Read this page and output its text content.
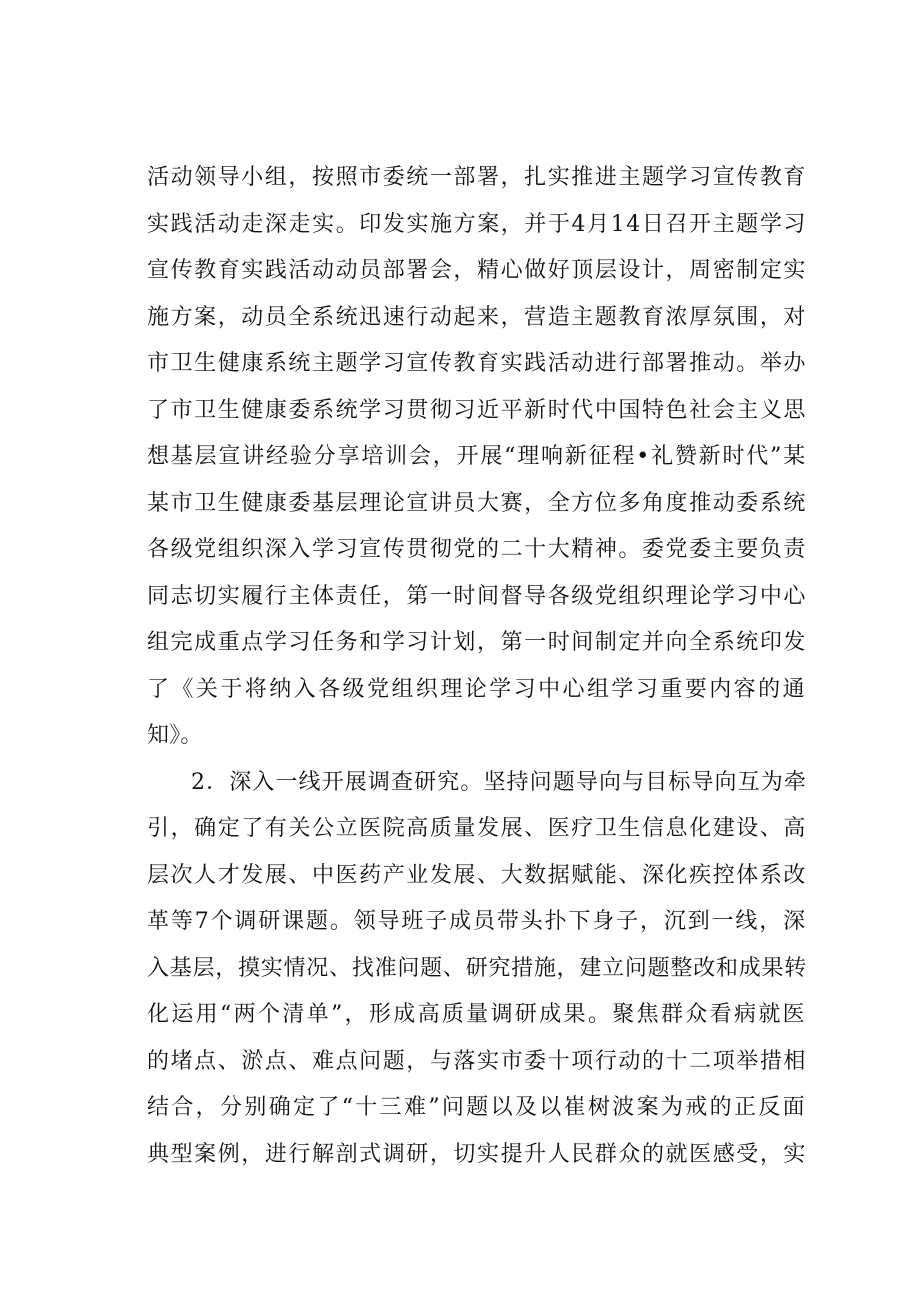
活动领导小组，按照市委统一部署，扎实推进主题学习宣传教育
实践活动走深走实。印发实施方案，并于4月14日召开主题学习
宣传教育实践活动动员部署会，精心做好顶层设计，周密制定实
施方案，动员全系统迅速行动起来，营造主题教育浓厚氛围，对
市卫生健康系统主题学习宣传教育实践活动进行部署推动。举办
了市卫生健康委系统学习贯彻习近平新时代中国特色社会主义思
想基层宣讲经验分享培训会，开展“理响新征程•礼赞新时代”某
某市卫生健康委基层理论宣讲员大赛，全方位多角度推动委系统
各级党组织深入学习宣传贯彻党的二十大精神。委党委主要负责
同志切实履行主体责任，第一时间督导各级党组织理论学习中心
组完成重点学习任务和学习计划，第一时间制定并向全系统印发
了《关于将纳入各级党组织理论学习中心组学习重要内容的通
知》。
2．深入一线开展调查研究。坚持问题导向与目标导向互为牵
引，确定了有关公立医院高质量发展、医疗卫生信息化建设、高
层次人才发展、中医药产业发展、大数据赋能、深化疾控体系改
革等7个调研课题。领导班子成员带头扑下身子，沉到一线，深
入基层，摸实情况、找准问题、研究措施，建立问题整改和成果转
化运用“两个清单”，形成高质量调研成果。聚焦群众看病就医
的堵点、淤点、难点问题，与落实市委十项行动的十二项举措相
结合，分别确定了“十三难”问题以及以崔树波案为戒的正反面
典型案例，进行解剖式调研，切实提升人民群众的就医感受，实
